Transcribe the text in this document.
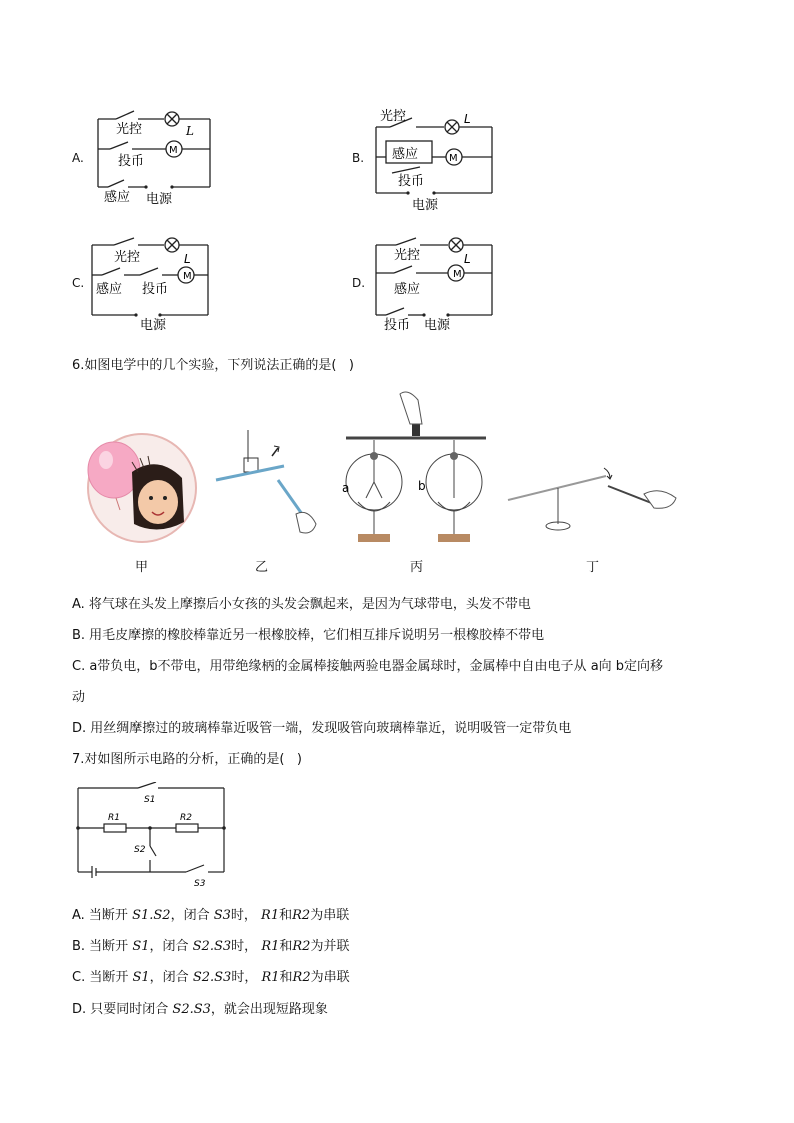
A.
光控	L
投币
M
感应 电源
B.
光控	L
感应	M
投币
电源
C.
光控	L
感应 投币
M
电源
D.
光控	L
感应
M
投币 电源
6.如图电学中的几个实验，下列说法正确的是(   )
甲	乙
a	b
丙	丁
A. 将气球在头发上摩擦后小女孩的头发会飘起来，是因为气球带电，头发不带电
B. 用毛皮摩擦的橡胶棒靠近另一根橡胶棒，它们相互排斥说明另一根橡胶棒不带电
C. a带负电，b不带电，用带绝缘柄的金属棒接触两验电器金属球时，金属棒中自由电子从 a向 b定向移
动
D. 用丝绸摩擦过的玻璃棒靠近吸管一端，发现吸管向玻璃棒靠近，说明吸管一定带负电
7.对如图所示电路的分析，正确的是(   )
S1
R1	R2
S2
S3
A. 当断开 S1.S2，闭合 S3时， R1和R2为串联
B. 当断开 S1，闭合 S2.S3时， R1和R2为并联
C. 当断开 S1，闭合 S2.S3时， R1和R2为串联
D. 只要同时闭合 S2.S3，就会出现短路现象
